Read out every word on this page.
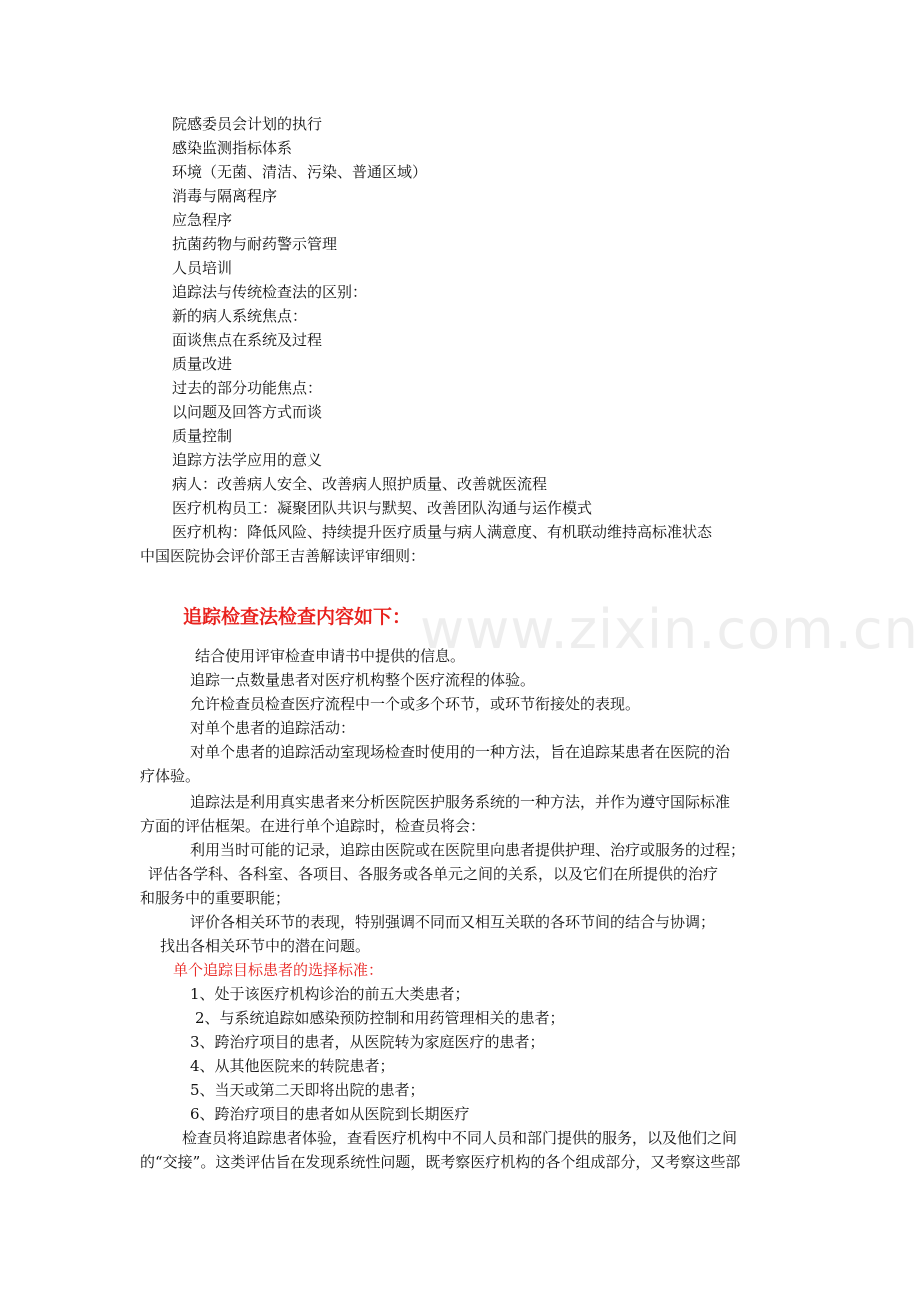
www.zixin.com.cn
院感委员会计划的执行
感染监测指标体系
环境（无菌、清洁、污染、普通区域）
消毒与隔离程序
应急程序
抗菌药物与耐药警示管理
人员培训
追踪法与传统检查法的区别：
新的病人系统焦点：
面谈焦点在系统及过程
质量改进
过去的部分功能焦点：
以问题及回答方式而谈
质量控制
追踪方法学应用的意义
病人：改善病人安全、改善病人照护质量、改善就医流程
医疗机构员工：凝聚团队共识与默契、改善团队沟通与运作模式
医疗机构：降低风险、持续提升医疗质量与病人满意度、有机联动维持高标准状态
中国医院协会评价部王吉善解读评审细则：
追踪检查法检查内容如下：
结合使用评审检查申请书中提供的信息。
追踪一点数量患者对医疗机构整个医疗流程的体验。
允许检查员检查医疗流程中一个或多个环节，或环节衔接处的表现。
对单个患者的追踪活动：
对单个患者的追踪活动室现场检查时使用的一种方法，旨在追踪某患者在医院的治
疗体验。
追踪法是利用真实患者来分析医院医护服务系统的一种方法，并作为遵守国际标准
方面的评估框架。在进行单个追踪时，检查员将会：
利用当时可能的记录，追踪由医院或在医院里向患者提供护理、治疗或服务的过程；
评估各学科、各科室、各项目、各服务或各单元之间的关系，以及它们在所提供的治疗
和服务中的重要职能；
评价各相关环节的表现，特别强调不同而又相互关联的各环节间的结合与协调；
找出各相关环节中的潜在问题。
单个追踪目标患者的选择标准：
1、处于该医疗机构诊治的前五大类患者；
2、与系统追踪如感染预防控制和用药管理相关的患者；
3、跨治疗项目的患者，从医院转为家庭医疗的患者；
4、从其他医院来的转院患者；
5、当天或第二天即将出院的患者；
6、跨治疗项目的患者如从医院到长期医疗
检查员将追踪患者体验，查看医疗机构中不同人员和部门提供的服务，以及他们之间
的“交接”。这类评估旨在发现系统性问题，既考察医疗机构的各个组成部分，又考察这些部
